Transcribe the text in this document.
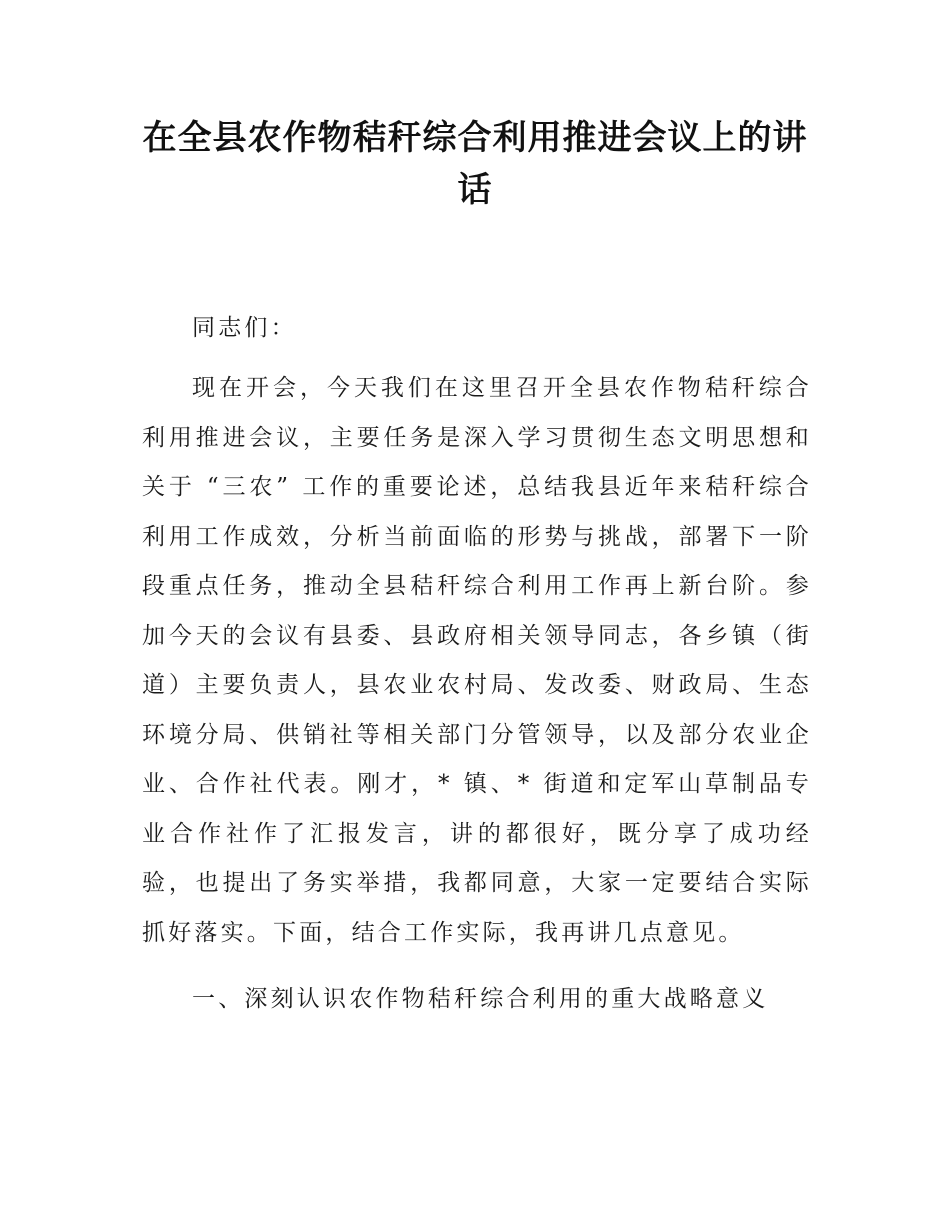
在全县农作物秸秆综合利用推进会议上的讲话

同志们：

现在开会，今天我们在这里召开全县农作物秸秆综合利用推进会议，主要任务是深入学习贯彻生态文明思想和关于 “三农” 工作的重要论述，总结我县近年来秸秆综合利用工作成效，分析当前面临的形势与挑战，部署下一阶段重点任务，推动全县秸秆综合利用工作再上新台阶。参加今天的会议有县委、县政府相关领导同志，各乡镇（街道）主要负责人，县农业农村局、发改委、财政局、生态环境分局、供销社等相关部门分管领导，以及部分农业企业、合作社代表。刚才，* 镇、* 街道和定军山草制品专业合作社作了汇报发言，讲的都很好，既分享了成功经验，也提出了务实举措，我都同意，大家一定要结合实际抓好落实。下面，结合工作实际，我再讲几点意见。

一、深刻认识农作物秸秆综合利用的重大战略意义
